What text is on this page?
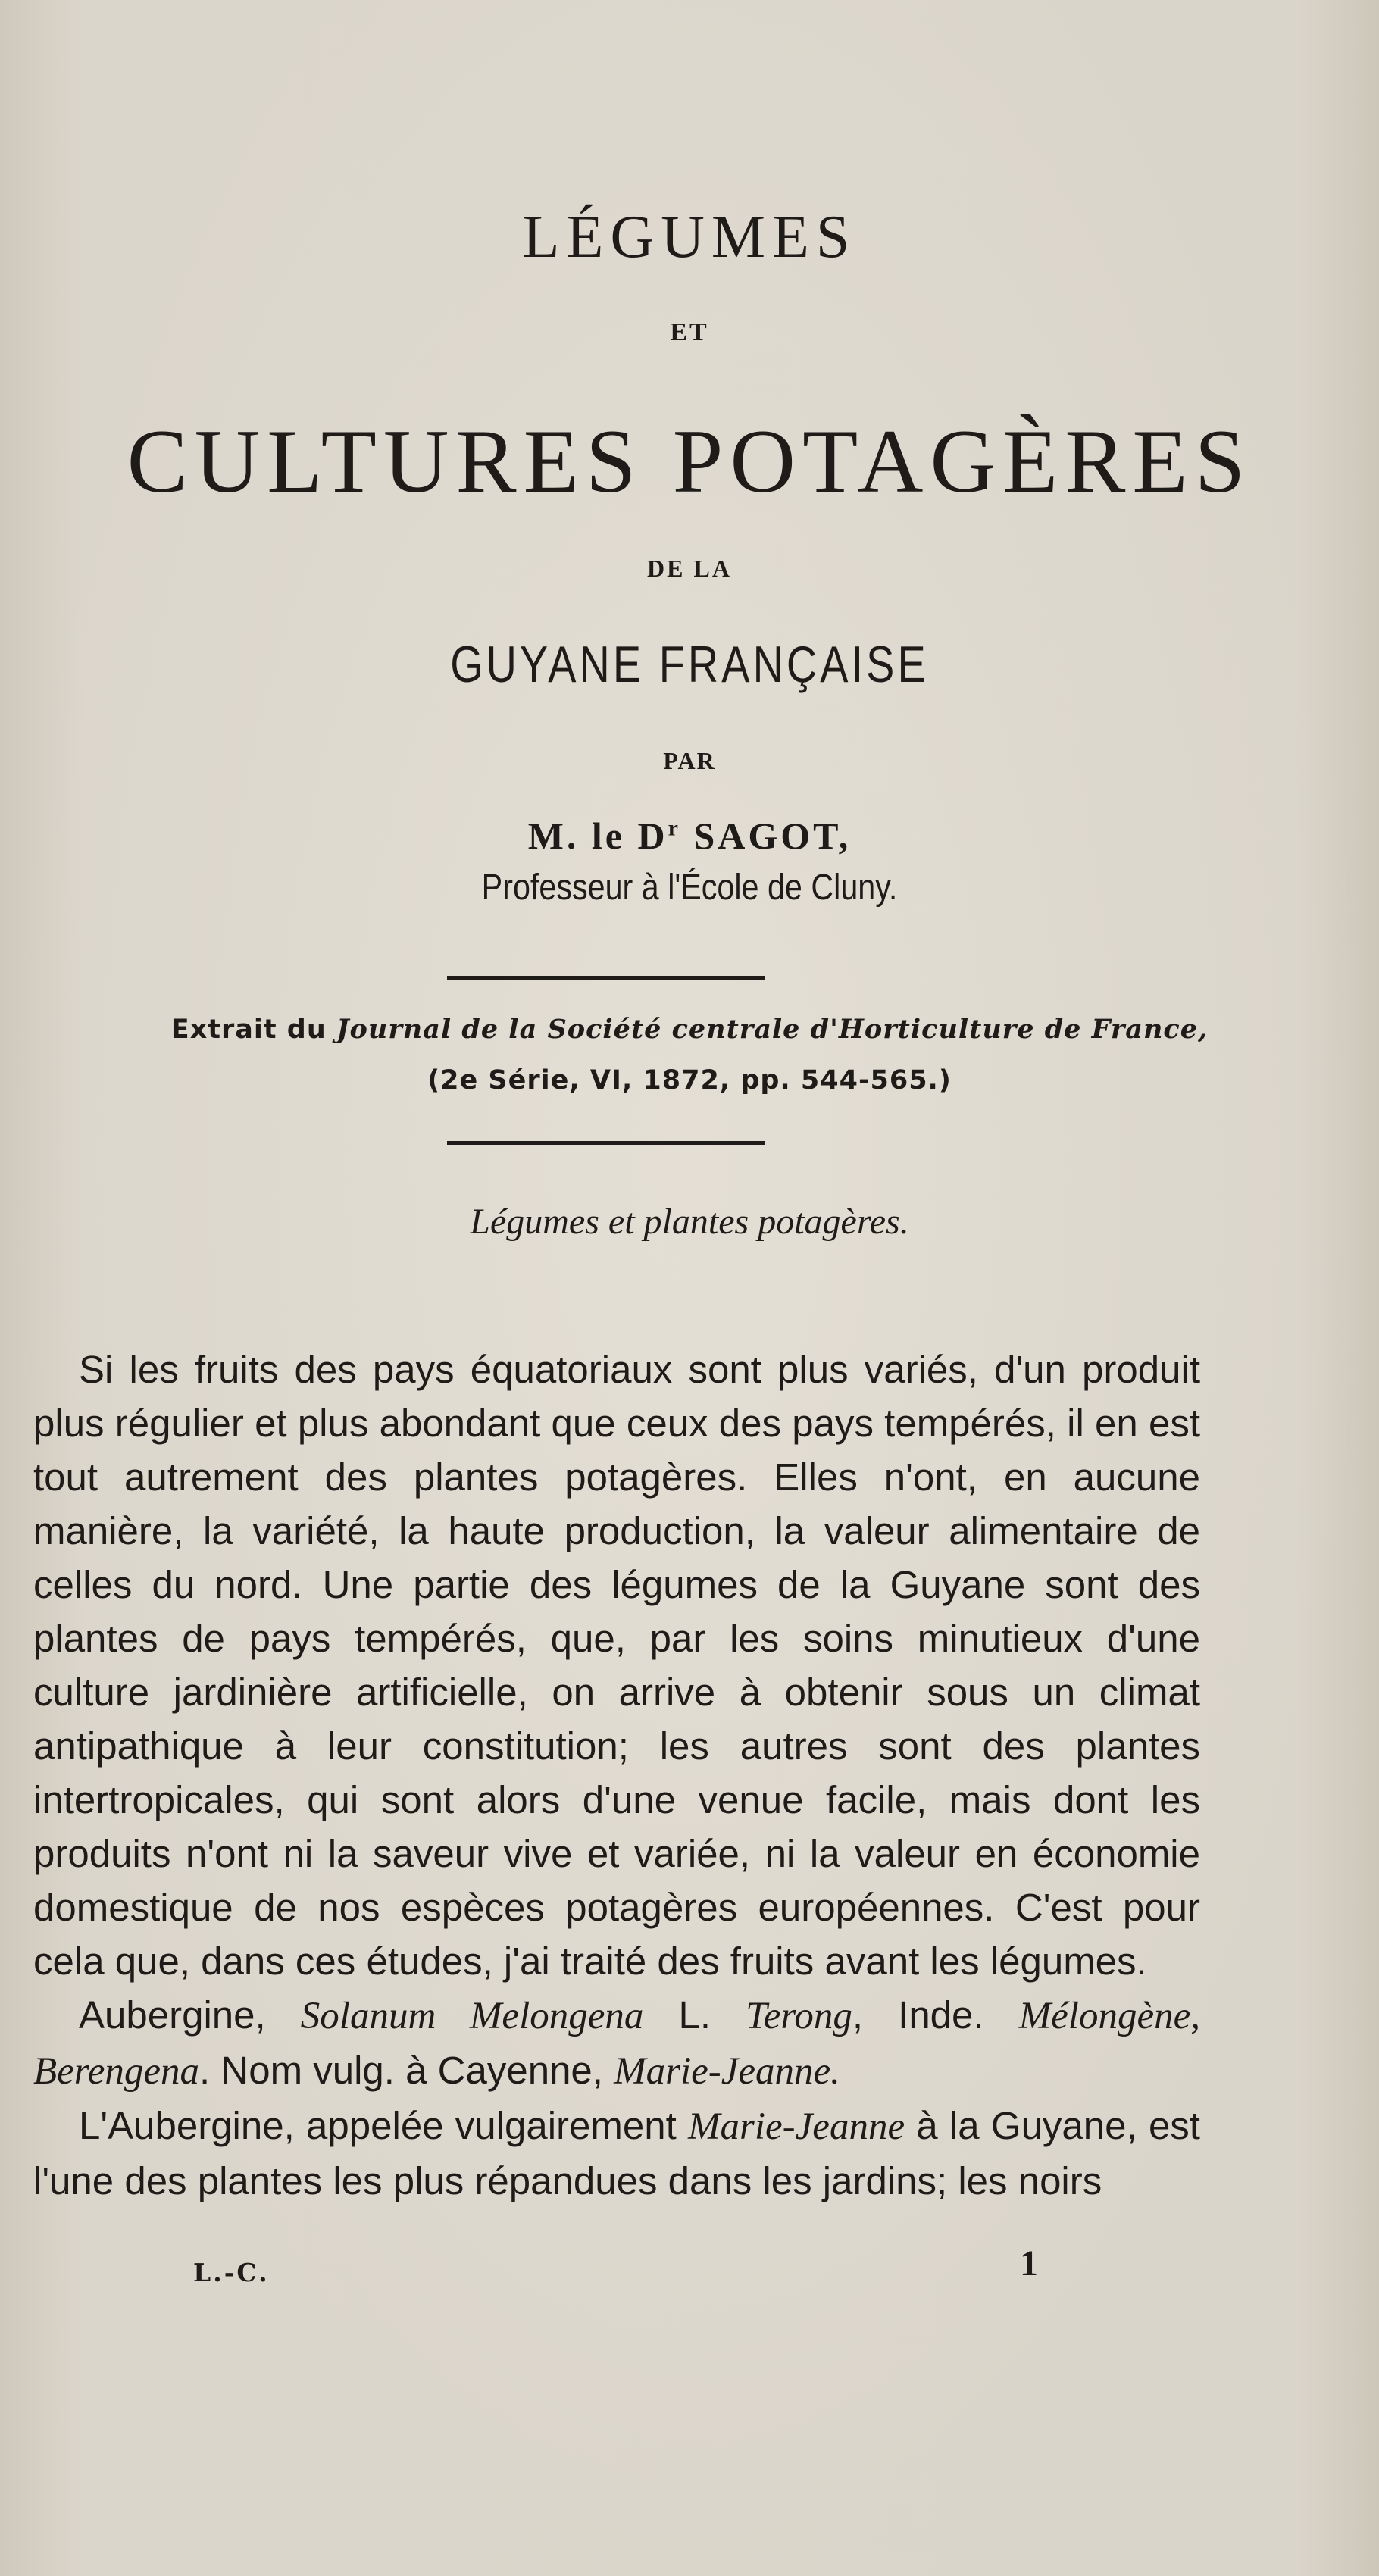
LÉGUMES
ET
CULTURES POTAGÈRES
DE LA
GUYANE FRANÇAISE
PAR
M. le $D^r$ SAGOT,
Professeur à l'École de Cluny.
Extrait du Journal de la Société centrale d'Horticulture de France,
(2e Série, VI, 1872, pp. 544-565.)
Légumes et plantes potagères.

Si les fruits des pays équatoriaux sont plus variés, d'un produit plus régulier et plus abondant que ceux des pays tempérés, il en est tout autrement des plantes potagères. Elles n'ont, en aucune manière, la variété, la haute production, la valeur alimentaire de celles du nord. Une partie des légumes de la Guyane sont des plantes de pays tempérés, que, par les soins minutieux d'une culture jardinière artificielle, on arrive à obtenir sous un climat antipathique à leur constitution; les autres sont des plantes intertropicales, qui sont alors d'une venue facile, mais dont les produits n'ont ni la saveur vive et variée, ni la valeur en économie domestique de nos espèces potagères européennes. C'est pour cela que, dans ces études, j'ai traité des fruits avant les légumes.

Aubergine, Solanum Melongena L. Terong, Inde. Mélongène, Berengena. Nom vulg. à Cayenne, Marie-Jeanne.

L'Aubergine, appelée vulgairement Marie-Jeanne à la Guyane, est l'une des plantes les plus répandues dans les jardins; les noirs

L.-C.	1
